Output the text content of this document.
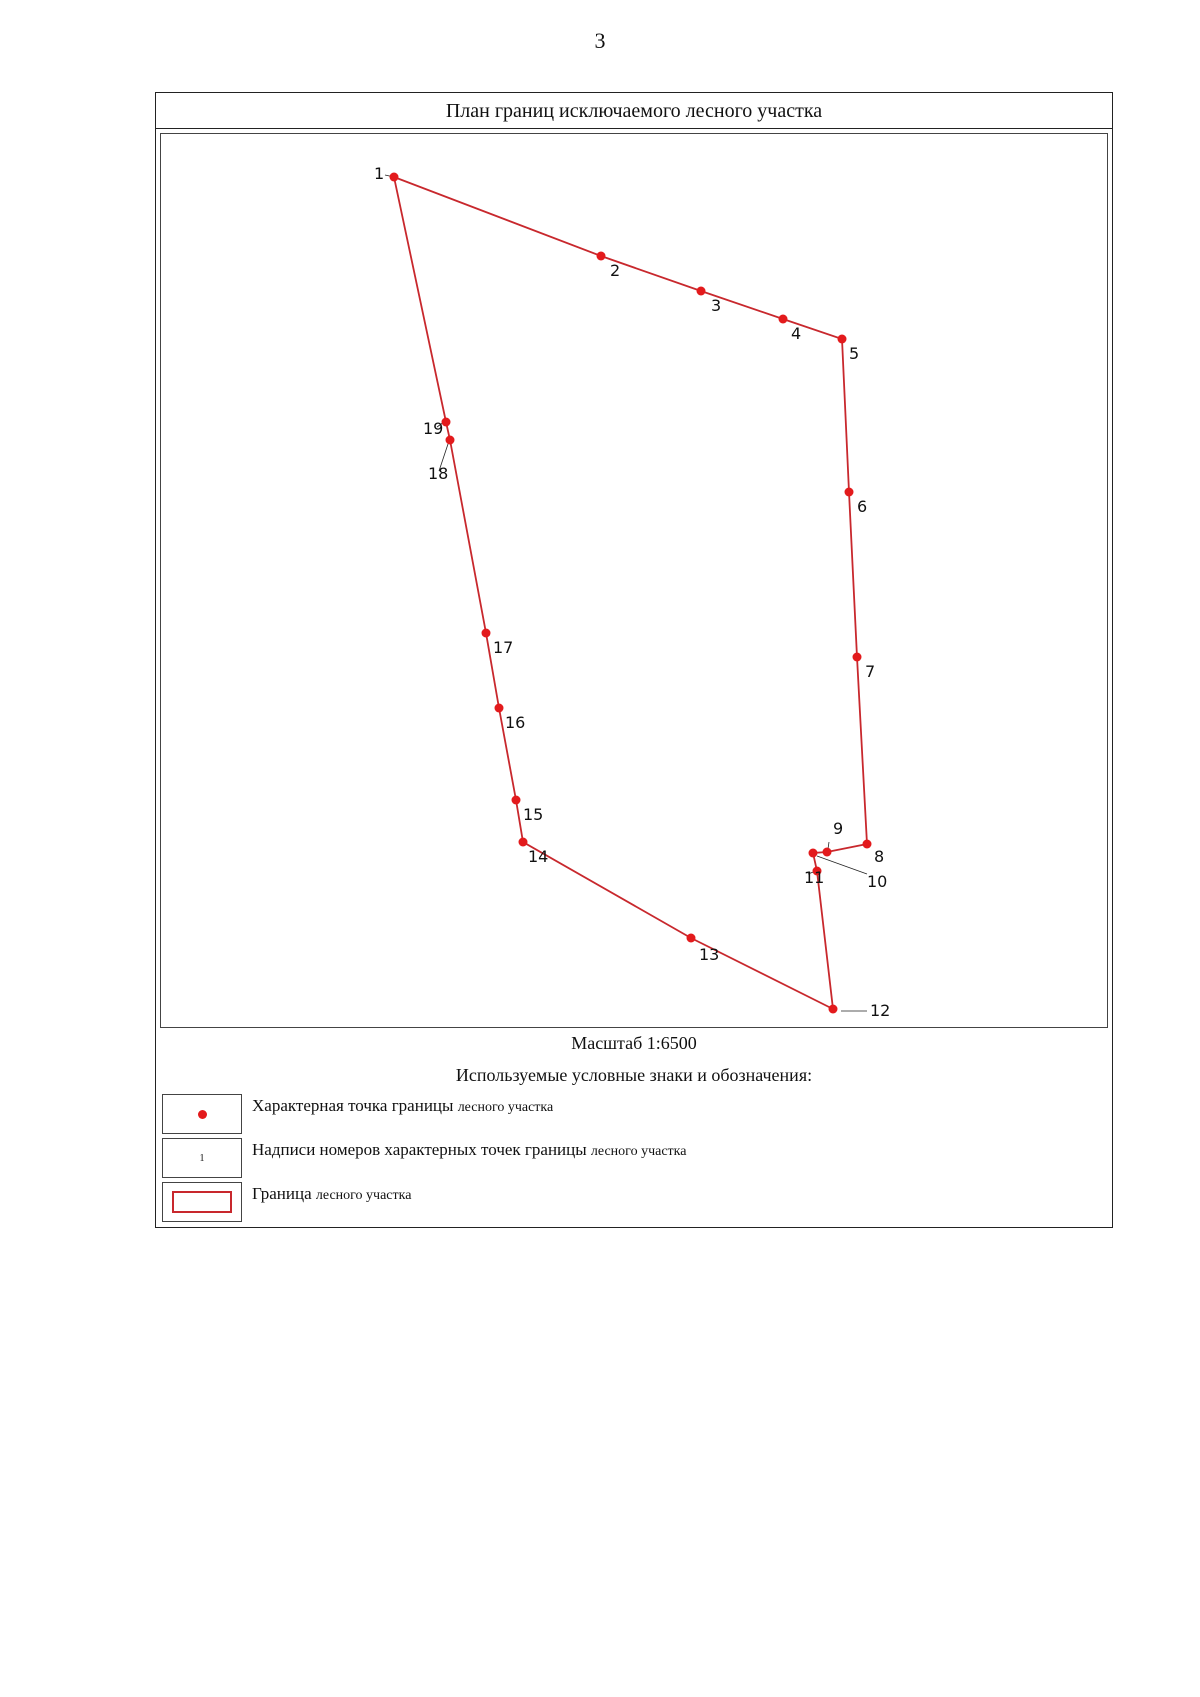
3
План границ исключаемого лесного участка
1
2
3
4
5
6
7
8
9
10
11
12
13
14
15
16
17
18
19
Масштаб 1:6500
Используемые условные знаки и обозначения:
Характерная точка границы лесного участка
1	Надписи номеров характерных точек границы лесного участка
Граница лесного участка
